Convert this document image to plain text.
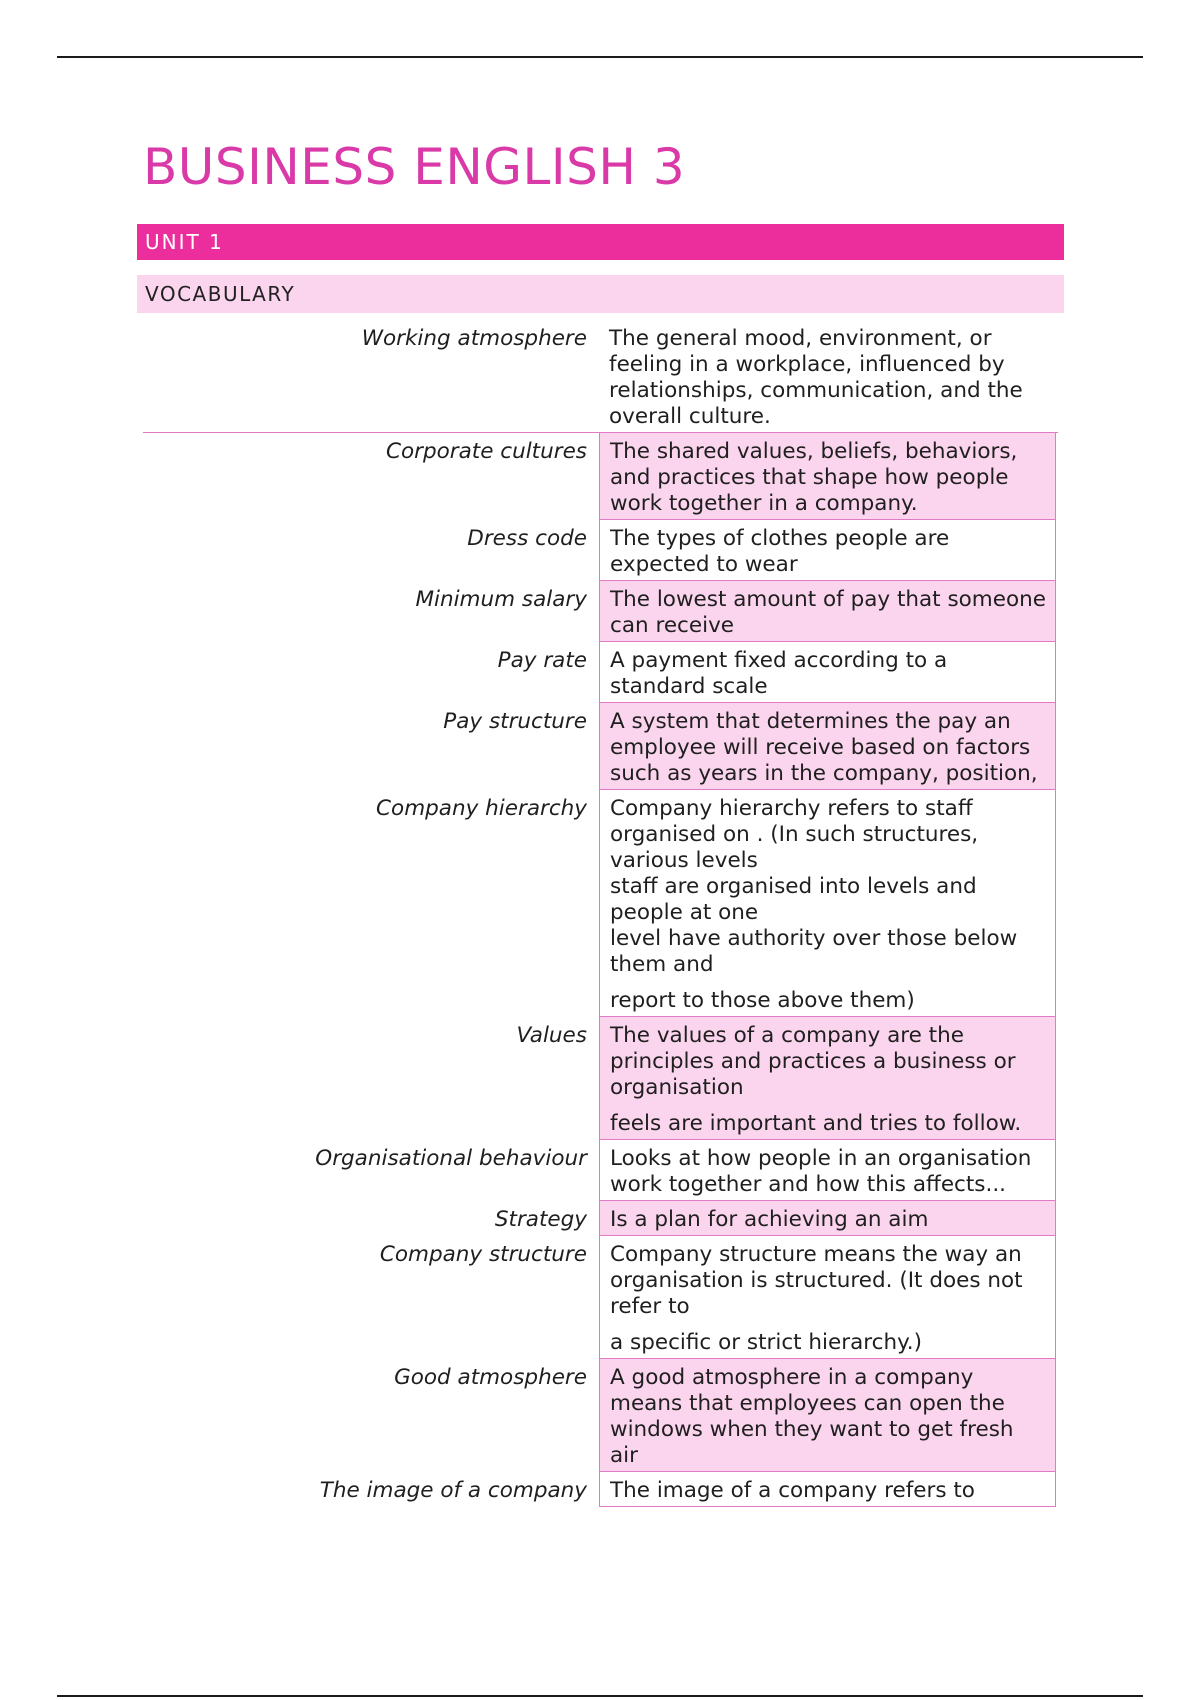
BUSINESS ENGLISH 3
UNIT 1
VOCABULARY
Working atmosphere	The general mood, environment, or feeling in a workplace, influenced by relationships, communication, and the overall culture.

Corporate cultures	The shared values, beliefs, behaviors, and practices that shape how people work together in a company.

Dress code	The types of clothes people are expected to wear

Minimum salary	The lowest amount of pay that someone can receive

Pay rate	A payment fixed according to a standard scale

Pay structure	A system that determines the pay an employee will receive based on factors such as years in the company, position,

Company hierarchy	Company hierarchy refers to staff organised on . (In such structures, various levels

staff are organised into levels and people at one

level have authority over those below them and

report to those above them)

Values	The values of a company are the principles and practices a business or organisation

feels are important and tries to follow.

Organisational behaviour	Looks at how people in an organisation work together and how this affects...

Strategy	Is a plan for achieving an aim

Company structure	Company structure means the way an organisation is structured. (It does not refer to

a specific or strict hierarchy.)

Good atmosphere	A good atmosphere in a company means that employees can open the windows when they want to get fresh air

The image of a company	The image of a company refers to
